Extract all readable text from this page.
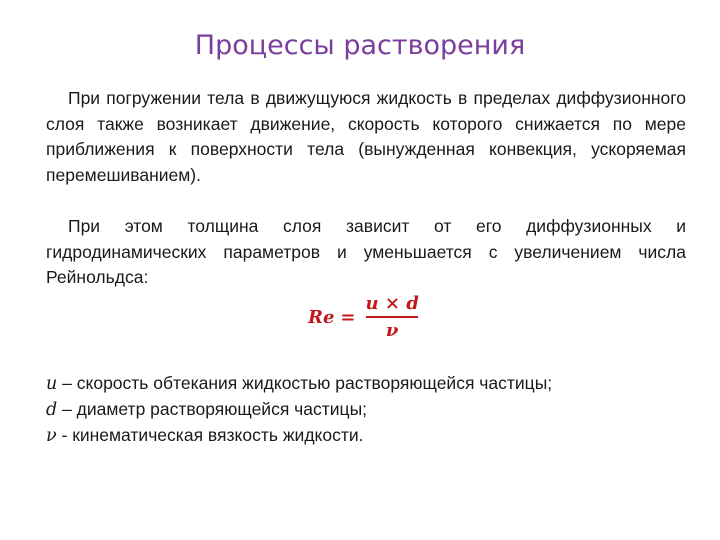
Процессы растворения

При погружении тела в движущуюся жидкость в пределах диффузионного слоя также возникает движение, скорость которого снижается по мере приближения к поверхности тела (вынужденная конвекция, ускоряемая перемешиванием).

При этом толщина слоя зависит от его диффузионных и гидродинамических параметров и уменьшается с увеличением числа Рейнольдса:

$Re = \frac{u \times d}{\nu}$
u – скорость обтекания жидкостью растворяющейся частицы;
d – диаметр растворяющейся частицы;
ν - кинематическая вязкость жидкости.
